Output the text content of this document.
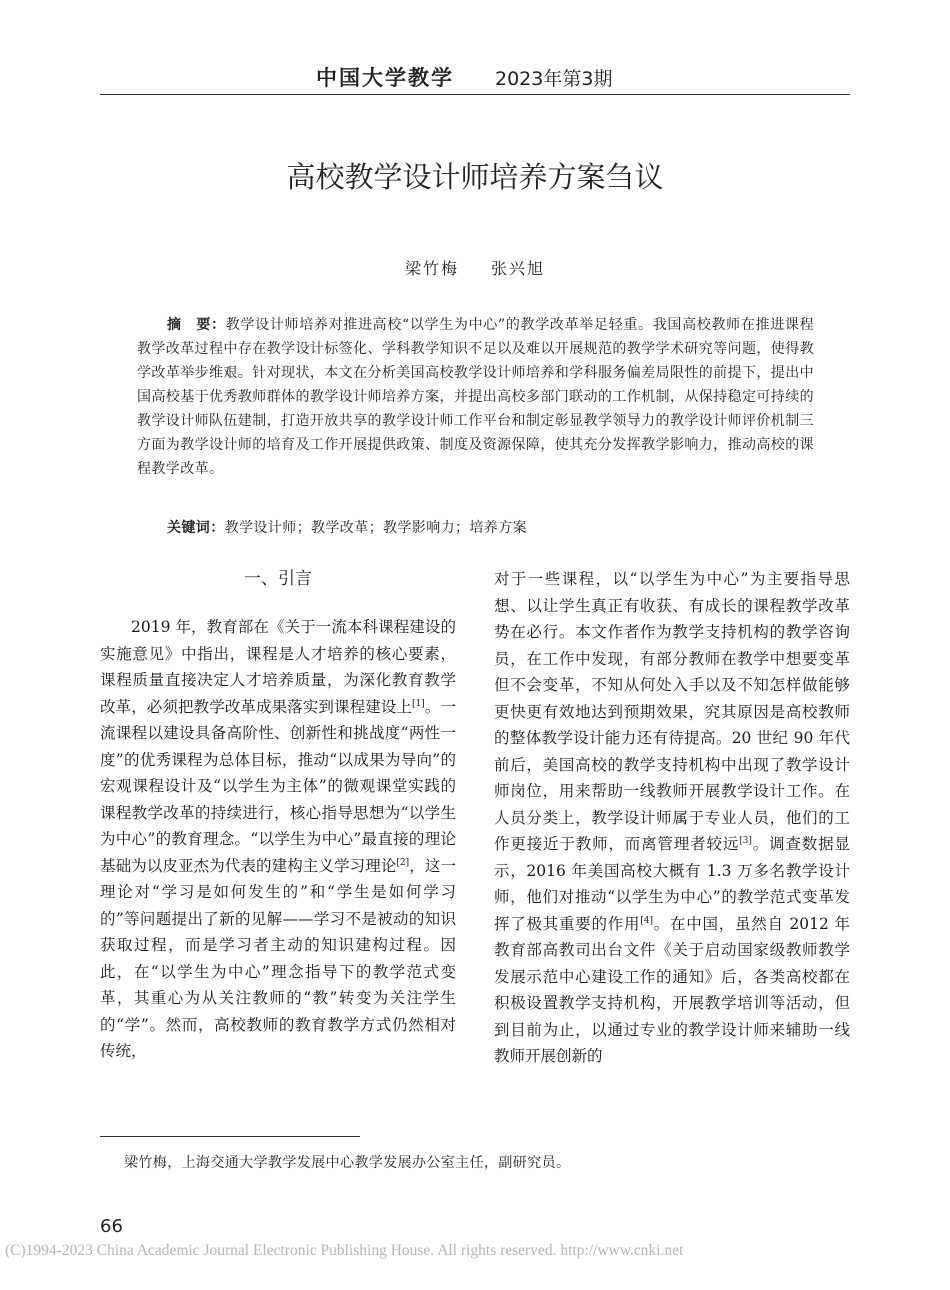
中国大学教学 2023年第3期
高校教学设计师培养方案刍议
梁竹梅 张兴旭
摘　要：教学设计师培养对推进高校“以学生为中心”的教学改革举足轻重。我国高校教师在推进课程教学改革过程中存在教学设计标签化、学科教学知识不足以及难以开展规范的教学学术研究等问题，使得教学改革举步维艰。针对现状，本文在分析美国高校教学设计师培养和学科服务偏差局限性的前提下，提出中国高校基于优秀教师群体的教学设计师培养方案，并提出高校多部门联动的工作机制，从保持稳定可持续的教学设计师队伍建制，打造开放共享的教学设计师工作平台和制定彰显教学领导力的教学设计师评价机制三方面为教学设计师的培育及工作开展提供政策、制度及资源保障，使其充分发挥教学影响力，推动高校的课程教学改革。
关键词：教学设计师；教学改革；教学影响力；培养方案
一、引言

2019 年，教育部在《关于一流本科课程建设的实施意见》中指出，课程是人才培养的核心要素，课程质量直接决定人才培养质量，为深化教育教学改革，必须把教学改革成果落实到课程建设上[1]。一流课程以建设具备高阶性、创新性和挑战度“两性一度”的优秀课程为总体目标，推动“以成果为导向”的宏观课程设计及“以学生为主体”的微观课堂实践的课程教学改革的持续进行，核心指导思想为“以学生为中心”的教育理念。“以学生为中心”最直接的理论基础为以皮亚杰为代表的建构主义学习理论[2]，这一理论对“学习是如何发生的”和“学生是如何学习的”等问题提出了新的见解——学习不是被动的知识获取过程，而是学习者主动的知识建构过程。因此，在“以学生为中心”理念指导下的教学范式变革，其重心为从关注教师的“教”转变为关注学生的“学”。然而，高校教师的教育教学方式仍然相对传统，

对于一些课程，以“以学生为中心”为主要指导思想、以让学生真正有收获、有成长的课程教学改革势在必行。本文作者作为教学支持机构的教学咨询员，在工作中发现，有部分教师在教学中想要变革但不会变革，不知从何处入手以及不知怎样做能够更快更有效地达到预期效果，究其原因是高校教师的整体教学设计能力还有待提高。20 世纪 90 年代前后，美国高校的教学支持机构中出现了教学设计师岗位，用来帮助一线教师开展教学设计工作。在人员分类上，教学设计师属于专业人员，他们的工作更接近于教师，而离管理者较远[3]。调查数据显示，2016 年美国高校大概有 1.3 万多名教学设计师，他们对推动“以学生为中心”的教学范式变革发挥了极其重要的作用[4]。在中国，虽然自 2012 年教育部高教司出台文件《关于启动国家级教师教学发展示范中心建设工作的通知》后，各类高校都在积极设置教学支持机构，开展教学培训等活动，但到目前为止，以通过专业的教学设计师来辅助一线教师开展创新的

梁竹梅，上海交通大学教学发展中心教学发展办公室主任，副研究员。
66
(C)1994-2023 China Academic Journal Electronic Publishing House. All rights reserved. http://www.cnki.net
